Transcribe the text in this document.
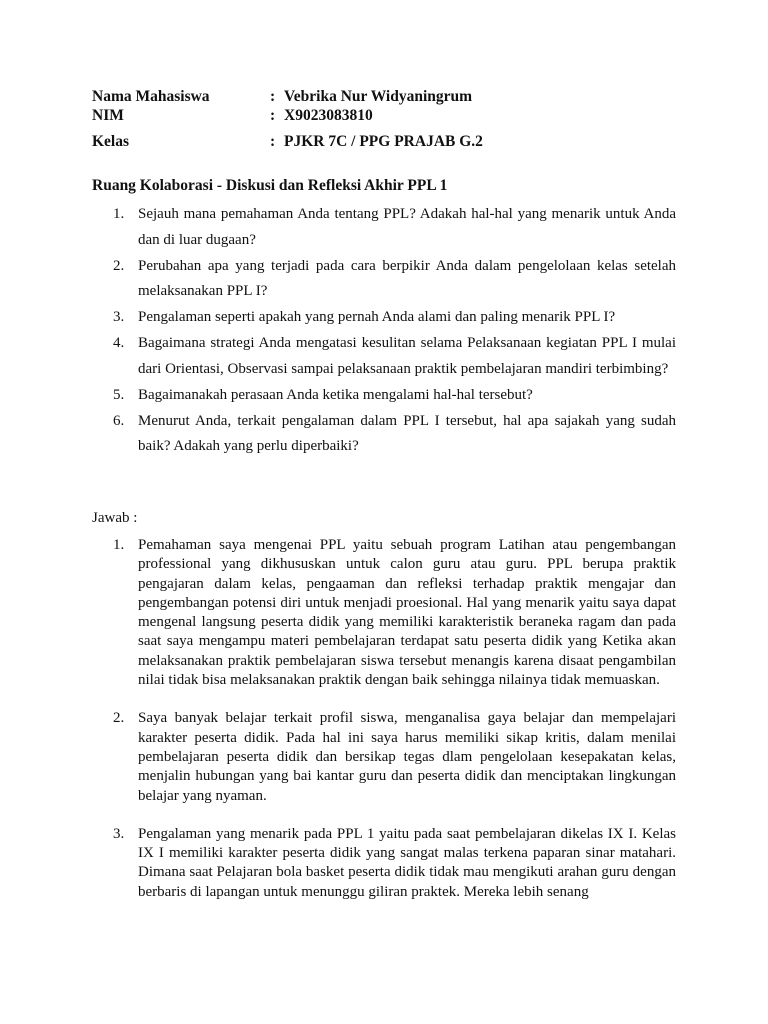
Nama Mahasiswa	: Vebrika Nur Widyaningrum
NIM	: X9023083810
Kelas	: PJKR 7C / PPG PRAJAB G.2
Ruang Kolaborasi - Diskusi dan Refleksi Akhir PPL 1
1. Sejauh mana pemahaman Anda tentang PPL? Adakah hal-hal yang menarik untuk Anda dan di luar dugaan?
2. Perubahan apa yang terjadi pada cara berpikir Anda dalam pengelolaan kelas setelah melaksanakan PPL I?
3. Pengalaman seperti apakah yang pernah Anda alami dan paling menarik PPL I?
4. Bagaimana strategi Anda mengatasi kesulitan selama Pelaksanaan kegiatan PPL I mulai dari Orientasi, Observasi sampai pelaksanaan praktik pembelajaran mandiri terbimbing?
5. Bagaimanakah perasaan Anda ketika mengalami hal-hal tersebut?
6. Menurut Anda, terkait pengalaman dalam PPL I tersebut, hal apa sajakah yang sudah baik? Adakah yang perlu diperbaiki?
Jawab :
1. Pemahaman saya mengenai PPL yaitu sebuah program Latihan atau pengembangan professional yang dikhususkan untuk calon guru atau guru. PPL berupa praktik pengajaran dalam kelas, pengaaman dan refleksi terhadap praktik mengajar dan pengembangan potensi diri untuk menjadi proesional. Hal yang menarik yaitu saya dapat mengenal langsung peserta didik yang memiliki karakteristik beraneka ragam dan pada saat saya mengampu materi pembelajaran terdapat satu peserta didik yang Ketika akan melaksanakan praktik pembelajaran siswa tersebut menangis karena disaat pengambilan nilai tidak bisa melaksanakan praktik dengan baik sehingga nilainya tidak memuaskan.
2. Saya banyak belajar terkait profil siswa, menganalisa gaya belajar dan mempelajari karakter peserta didik. Pada hal ini saya harus memiliki sikap kritis, dalam menilai pembelajaran peserta didik dan bersikap tegas dlam pengelolaan kesepakatan kelas, menjalin hubungan yang bai kantar guru dan peserta didik dan menciptakan lingkungan belajar yang nyaman.
3. Pengalaman yang menarik pada PPL 1 yaitu pada saat pembelajaran dikelas IX I. Kelas IX I memiliki karakter peserta didik yang sangat malas terkena paparan sinar matahari. Dimana saat Pelajaran bola basket peserta didik tidak mau mengikuti arahan guru dengan berbaris di lapangan untuk menunggu giliran praktek. Mereka lebih senang
